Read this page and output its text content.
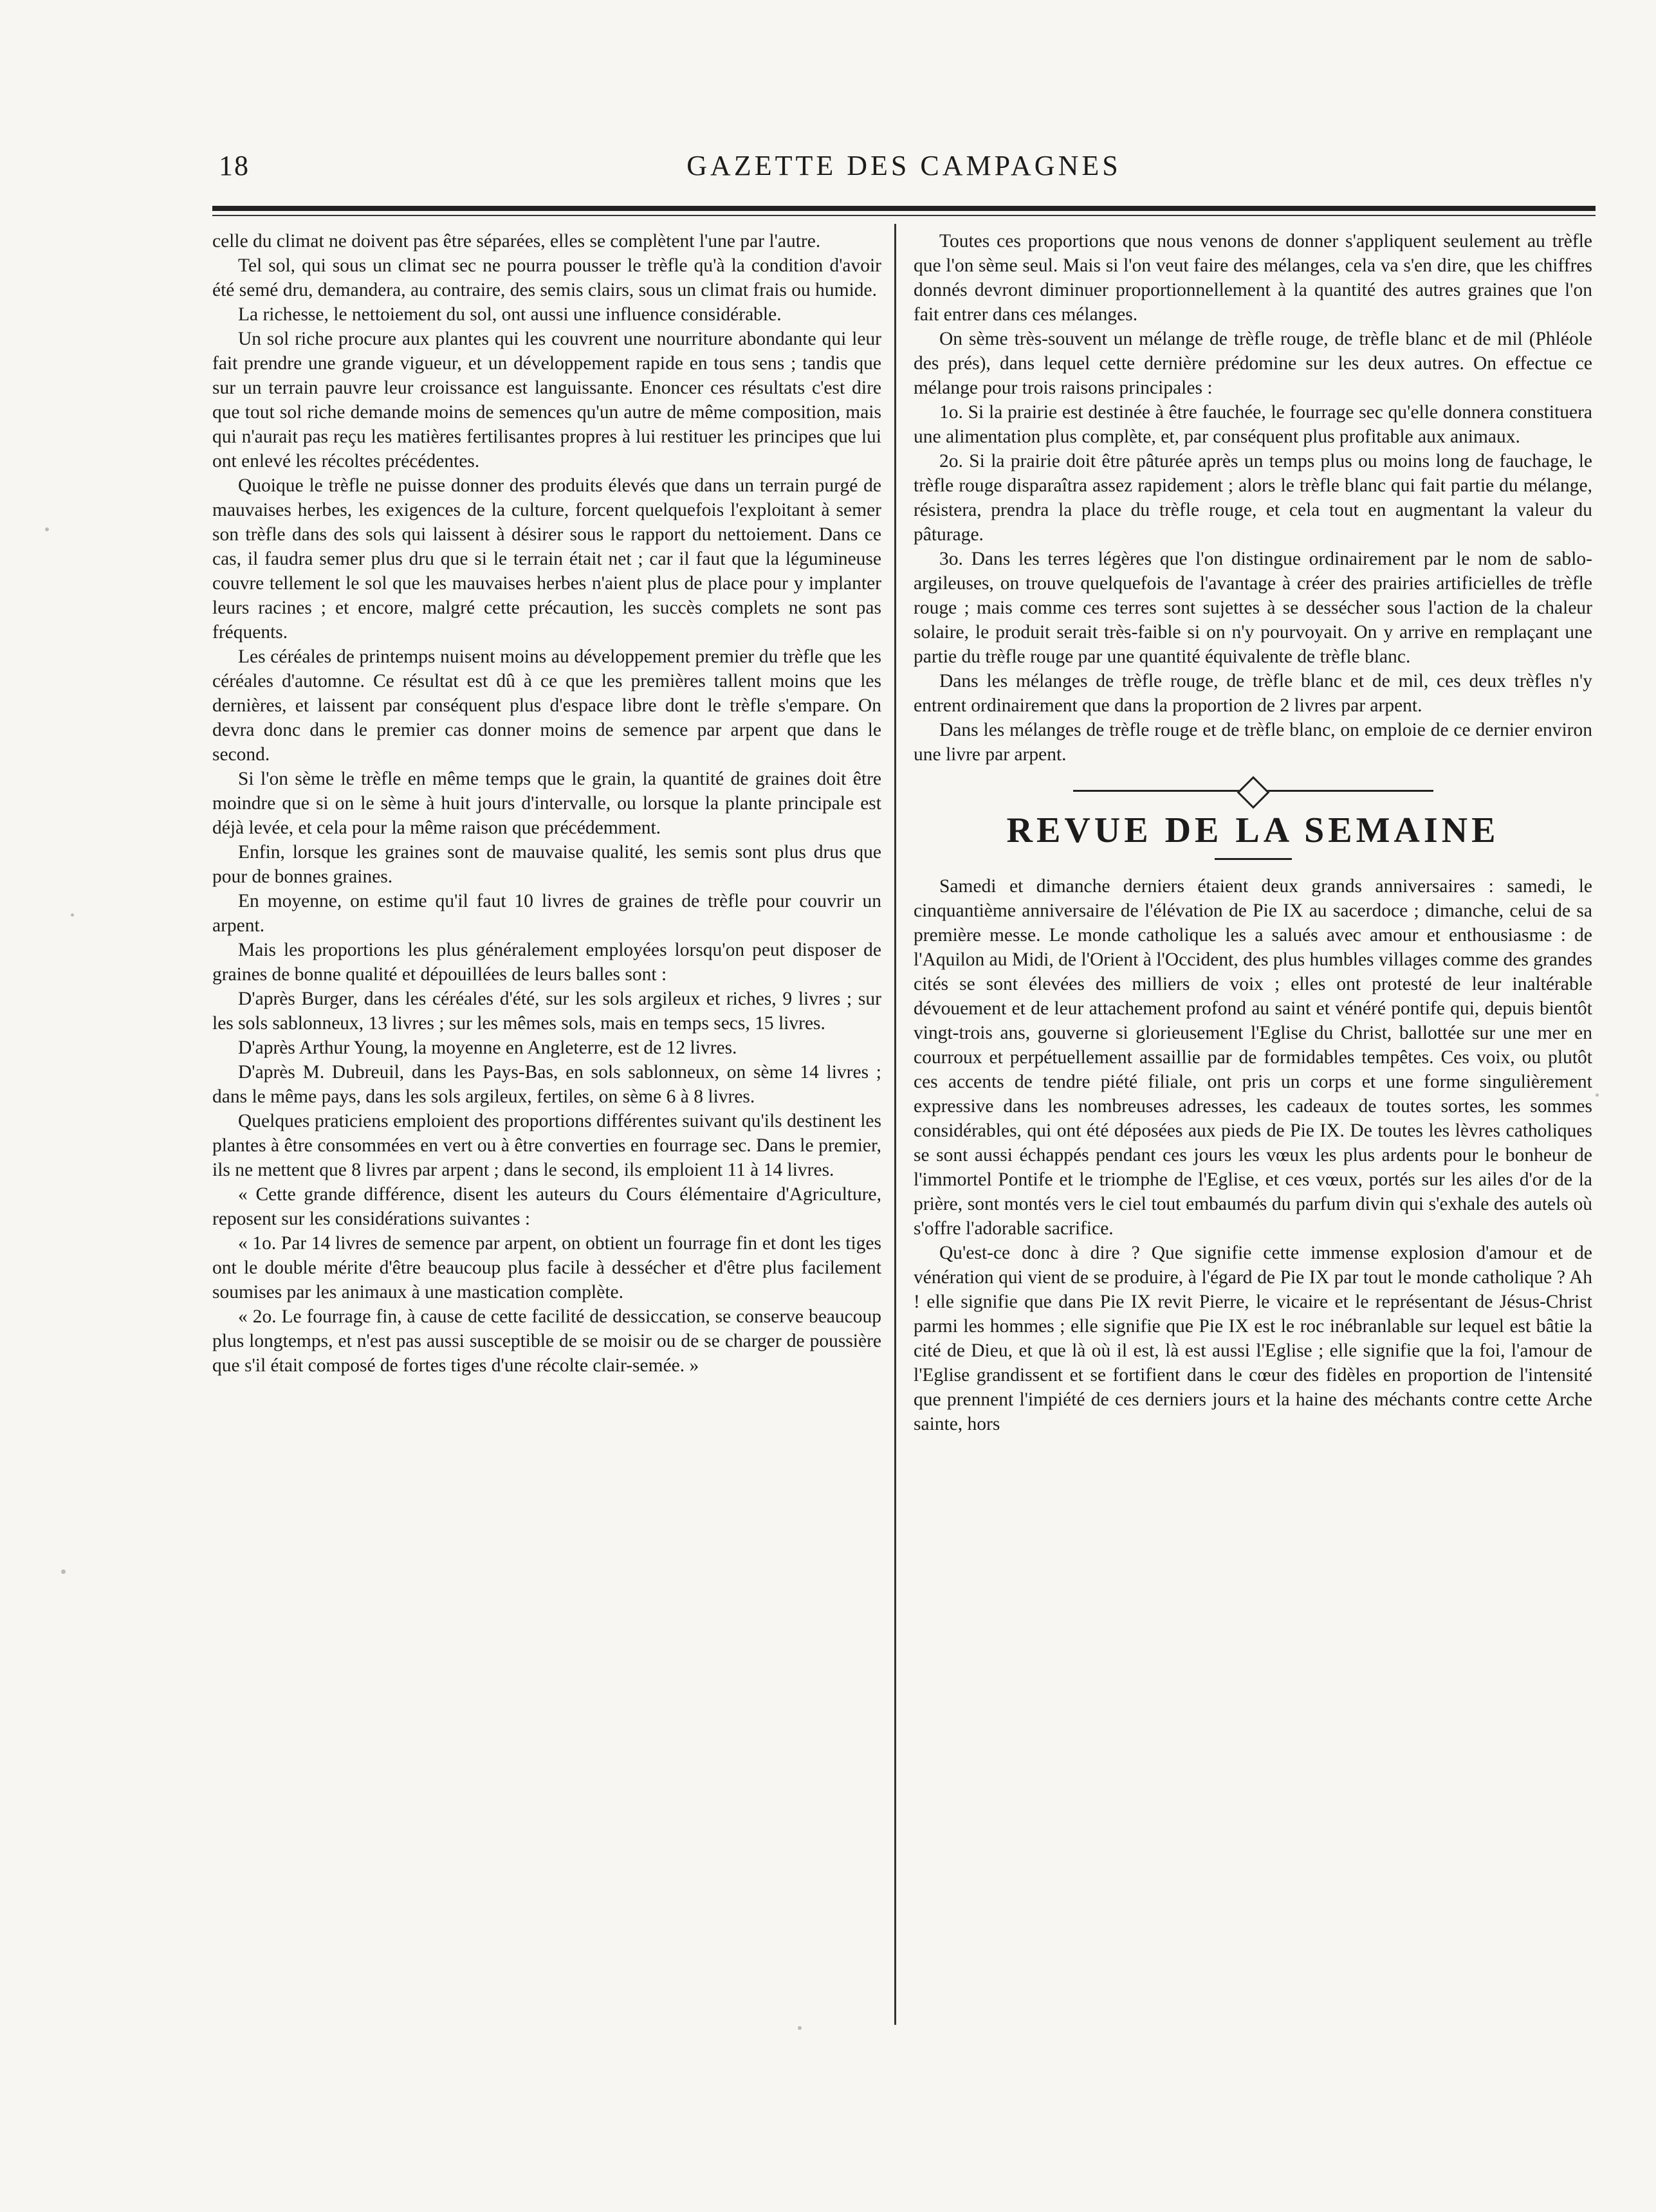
18	GAZETTE DES CAMPAGNES

celle du climat ne doivent pas être séparées, elles se complètent l'une par l'autre.

Tel sol, qui sous un climat sec ne pourra pousser le trèfle qu'à la condition d'avoir été semé dru, demandera, au contraire, des semis clairs, sous un climat frais ou humide.

La richesse, le nettoiement du sol, ont aussi une influence considérable.

Un sol riche procure aux plantes qui les couvrent une nourriture abondante qui leur fait prendre une grande vigueur, et un développement rapide en tous sens ; tandis que sur un terrain pauvre leur croissance est languissante. Enoncer ces résultats c'est dire que tout sol riche demande moins de semences qu'un autre de même composition, mais qui n'aurait pas reçu les matières fertilisantes propres à lui restituer les principes que lui ont enlevé les récoltes précédentes.

Quoique le trèfle ne puisse donner des produits élevés que dans un terrain purgé de mauvaises herbes, les exigences de la culture, forcent quelquefois l'exploitant à semer son trèfle dans des sols qui laissent à désirer sous le rapport du nettoiement. Dans ce cas, il faudra semer plus dru que si le terrain était net ; car il faut que la légumineuse couvre tellement le sol que les mauvaises herbes n'aient plus de place pour y implanter leurs racines ; et encore, malgré cette précaution, les succès complets ne sont pas fréquents.

Les céréales de printemps nuisent moins au développement premier du trèfle que les céréales d'automne. Ce résultat est dû à ce que les premières tallent moins que les dernières, et laissent par conséquent plus d'espace libre dont le trèfle s'empare. On devra donc dans le premier cas donner moins de semence par arpent que dans le second.

Si l'on sème le trèfle en même temps que le grain, la quantité de graines doit être moindre que si on le sème à huit jours d'intervalle, ou lorsque la plante principale est déjà levée, et cela pour la même raison que précédemment.

Enfin, lorsque les graines sont de mauvaise qualité, les semis sont plus drus que pour de bonnes graines.

En moyenne, on estime qu'il faut 10 livres de graines de trèfle pour couvrir un arpent.

Mais les proportions les plus généralement employées lorsqu'on peut disposer de graines de bonne qualité et dépouillées de leurs balles sont :

D'après Burger, dans les céréales d'été, sur les sols argileux et riches, 9 livres ; sur les sols sablonneux, 13 livres ; sur les mêmes sols, mais en temps secs, 15 livres.

D'après Arthur Young, la moyenne en Angleterre, est de 12 livres.

D'après M. Dubreuil, dans les Pays-Bas, en sols sablonneux, on sème 14 livres ; dans le même pays, dans les sols argileux, fertiles, on sème 6 à 8 livres.

Quelques praticiens emploient des proportions différentes suivant qu'ils destinent les plantes à être consommées en vert ou à être converties en fourrage sec. Dans le premier, ils ne mettent que 8 livres par arpent ; dans le second, ils emploient 11 à 14 livres.

« Cette grande différence, disent les auteurs du Cours élémentaire d'Agriculture, reposent sur les considérations suivantes :

« 1o. Par 14 livres de semence par arpent, on obtient un fourrage fin et dont les tiges ont le double mérite d'être beaucoup plus facile à dessécher et d'être plus facilement soumises par les animaux à une mastication complète.

« 2o. Le fourrage fin, à cause de cette facilité de dessiccation, se conserve beaucoup plus longtemps, et n'est pas aussi susceptible de se moisir ou de se charger de poussière que s'il était composé de fortes tiges d'une récolte clair-semée. »

Toutes ces proportions que nous venons de donner s'appliquent seulement au trèfle que l'on sème seul. Mais si l'on veut faire des mélanges, cela va s'en dire, que les chiffres donnés devront diminuer proportionnellement à la quantité des autres graines que l'on fait entrer dans ces mélanges.

On sème très-souvent un mélange de trèfle rouge, de trèfle blanc et de mil (Phléole des prés), dans lequel cette dernière prédomine sur les deux autres. On effectue ce mélange pour trois raisons principales :

1o. Si la prairie est destinée à être fauchée, le fourrage sec qu'elle donnera constituera une alimentation plus complète, et, par conséquent plus profitable aux animaux.

2o. Si la prairie doit être pâturée après un temps plus ou moins long de fauchage, le trèfle rouge disparaîtra assez rapidement ; alors le trèfle blanc qui fait partie du mélange, résistera, prendra la place du trèfle rouge, et cela tout en augmentant la valeur du pâturage.

3o. Dans les terres légères que l'on distingue ordinairement par le nom de sablo-argileuses, on trouve quelquefois de l'avantage à créer des prairies artificielles de trèfle rouge ; mais comme ces terres sont sujettes à se dessécher sous l'action de la chaleur solaire, le produit serait très-faible si on n'y pourvoyait. On y arrive en remplaçant une partie du trèfle rouge par une quantité équivalente de trèfle blanc.

Dans les mélanges de trèfle rouge, de trèfle blanc et de mil, ces deux trèfles n'y entrent ordinairement que dans la proportion de 2 livres par arpent.

Dans les mélanges de trèfle rouge et de trèfle blanc, on emploie de ce dernier environ une livre par arpent.

REVUE DE LA SEMAINE

Samedi et dimanche derniers étaient deux grands anniversaires : samedi, le cinquantième anniversaire de l'élévation de Pie IX au sacerdoce ; dimanche, celui de sa première messe. Le monde catholique les a salués avec amour et enthousiasme : de l'Aquilon au Midi, de l'Orient à l'Occident, des plus humbles villages comme des grandes cités se sont élevées des milliers de voix ; elles ont protesté de leur inaltérable dévouement et de leur attachement profond au saint et vénéré pontife qui, depuis bientôt vingt-trois ans, gouverne si glorieusement l'Eglise du Christ, ballottée sur une mer en courroux et perpétuellement assaillie par de formidables tempêtes. Ces voix, ou plutôt ces accents de tendre piété filiale, ont pris un corps et une forme singulièrement expressive dans les nombreuses adresses, les cadeaux de toutes sortes, les sommes considérables, qui ont été déposées aux pieds de Pie IX. De toutes les lèvres catholiques se sont aussi échappés pendant ces jours les vœux les plus ardents pour le bonheur de l'immortel Pontife et le triomphe de l'Eglise, et ces vœux, portés sur les ailes d'or de la prière, sont montés vers le ciel tout embaumés du parfum divin qui s'exhale des autels où s'offre l'adorable sacrifice.

Qu'est-ce donc à dire ? Que signifie cette immense explosion d'amour et de vénération qui vient de se produire, à l'égard de Pie IX par tout le monde catholique ? Ah ! elle signifie que dans Pie IX revit Pierre, le vicaire et le représentant de Jésus-Christ parmi les hommes ; elle signifie que Pie IX est le roc inébranlable sur lequel est bâtie la cité de Dieu, et que là où il est, là est aussi l'Eglise ; elle signifie que la foi, l'amour de l'Eglise grandissent et se fortifient dans le cœur des fidèles en proportion de l'intensité que prennent l'impiété de ces derniers jours et la haine des méchants contre cette Arche sainte, hors
